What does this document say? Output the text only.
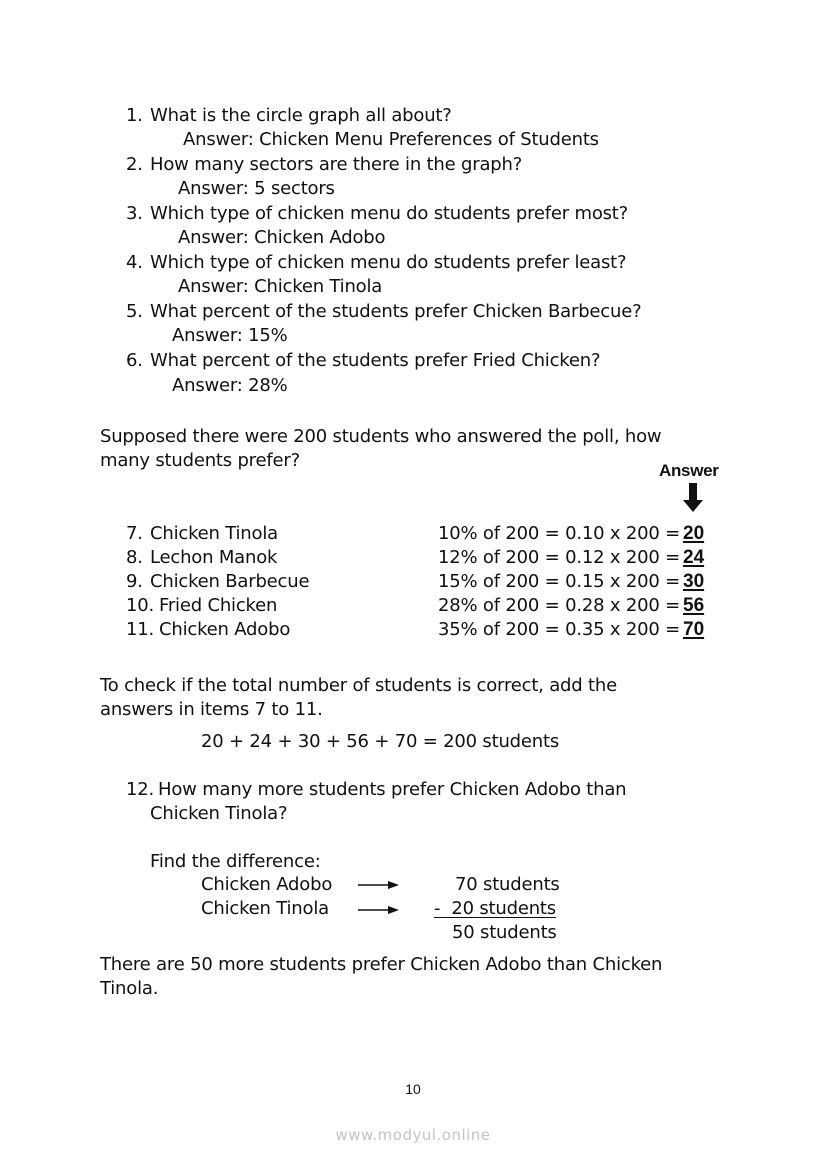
1. What is the circle graph all about?
Answer: Chicken Menu Preferences of Students
2. How many sectors are there in the graph?
Answer: 5 sectors
3. Which type of chicken menu do students prefer most?
Answer: Chicken Adobo
4. Which type of chicken menu do students prefer least?
Answer: Chicken Tinola
5. What percent of the students prefer Chicken Barbecue?
Answer: 15%
6. What percent of the students prefer Fried Chicken?
Answer: 28%
Supposed there were 200 students who answered the poll, how
many students prefer?	Answer
7. Chicken Tinola	10% of 200 = 0.10 x 200 = 20
8. Lechon Manok	12% of 200 = 0.12 x 200 = 24
9. Chicken Barbecue	15% of 200 = 0.15 x 200 = 30
10. Fried Chicken	28% of 200 = 0.28 x 200 = 56
11. Chicken Adobo	35% of 200 = 0.35 x 200 = 70
To check if the total number of students is correct, add the
answers in items 7 to 11.
20 + 24 + 30 + 56 + 70 = 200 students
12. How many more students prefer Chicken Adobo than
Chicken Tinola?
Find the difference:
Chicken Adobo	70 students
Chicken Tinola	-  20 students
50 students
There are 50 more students prefer Chicken Adobo than Chicken
Tinola.
10
www.modyul.online
